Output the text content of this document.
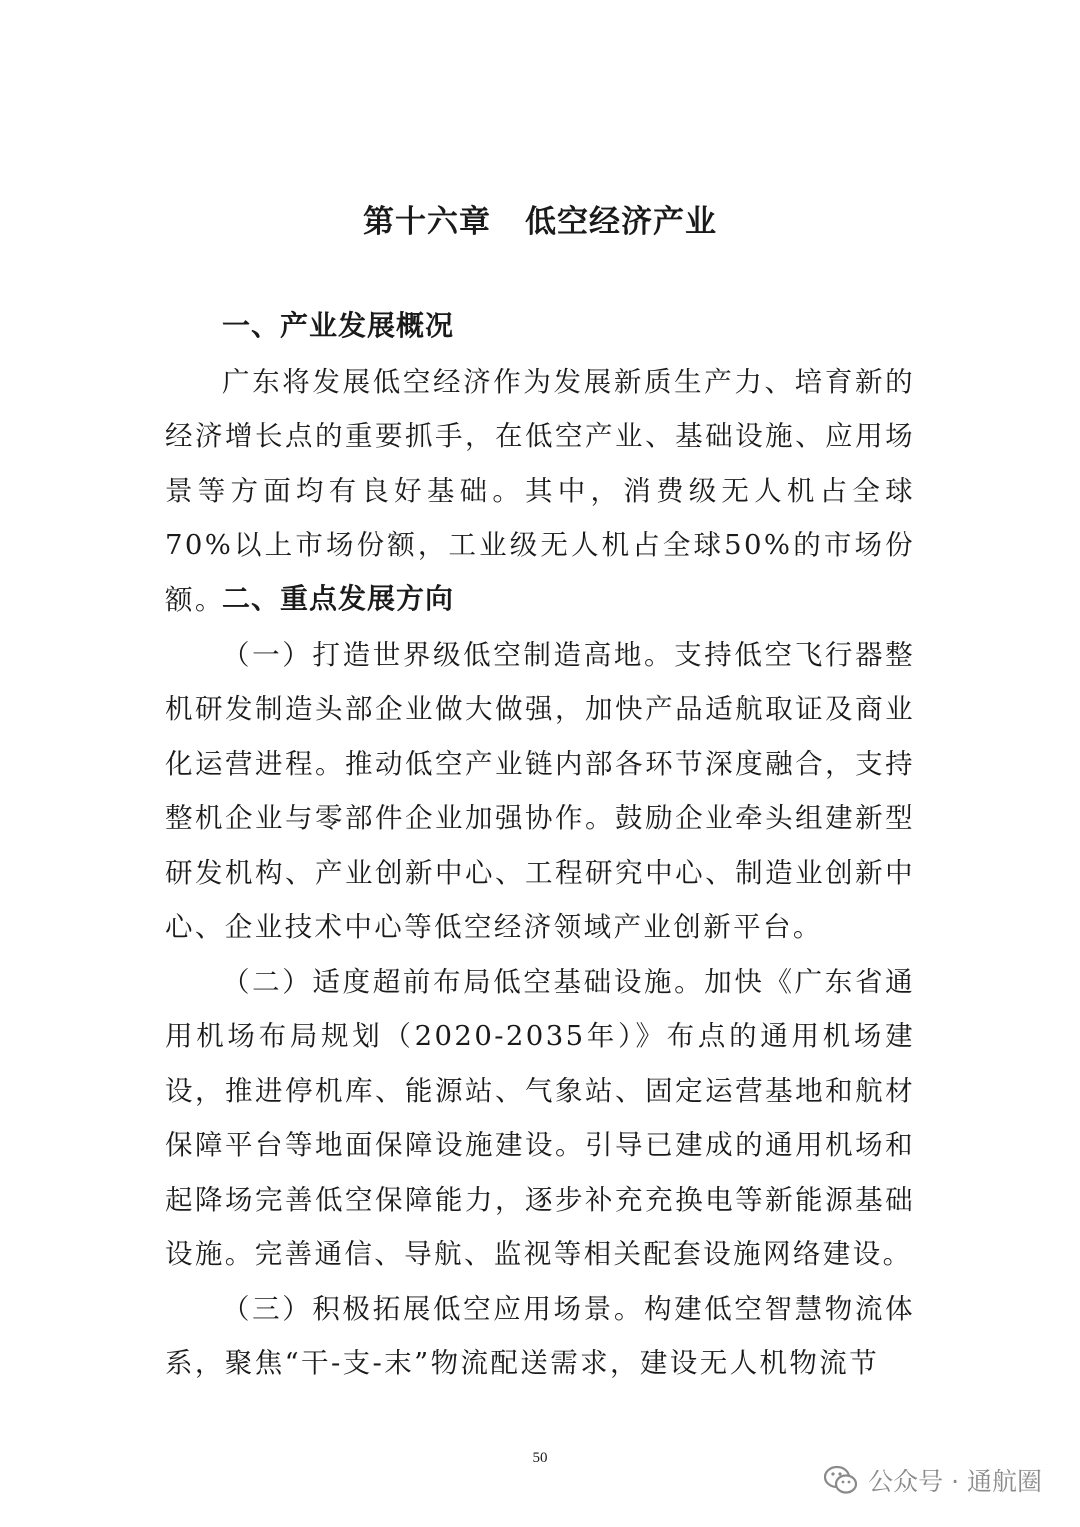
第十六章 低空经济产业
一、产业发展概况
广东将发展低空经济作为发展新质生产力、培育新的经济增长点的重要抓手，在低空产业、基础设施、应用场景等方面均有良好基础。其中，消费级无人机占全球70%以上市场份额，工业级无人机占全球50%的市场份额。
二、重点发展方向
（一）打造世界级低空制造高地。支持低空飞行器整机研发制造头部企业做大做强，加快产品适航取证及商业化运营进程。推动低空产业链内部各环节深度融合，支持整机企业与零部件企业加强协作。鼓励企业牵头组建新型研发机构、产业创新中心、工程研究中心、制造业创新中心、企业技术中心等低空经济领域产业创新平台。
（二）适度超前布局低空基础设施。加快《广东省通用机场布局规划（2020-2035年）》布点的通用机场建设，推进停机库、能源站、气象站、固定运营基地和航材保障平台等地面保障设施建设。引导已建成的通用机场和起降场完善低空保障能力，逐步补充充换电等新能源基础设施。完善通信、导航、监视等相关配套设施网络建设。
（三）积极拓展低空应用场景。构建低空智慧物流体系，聚焦“干-支-末”物流配送需求，建设无人机物流节
50
公众号 · 通航圈
